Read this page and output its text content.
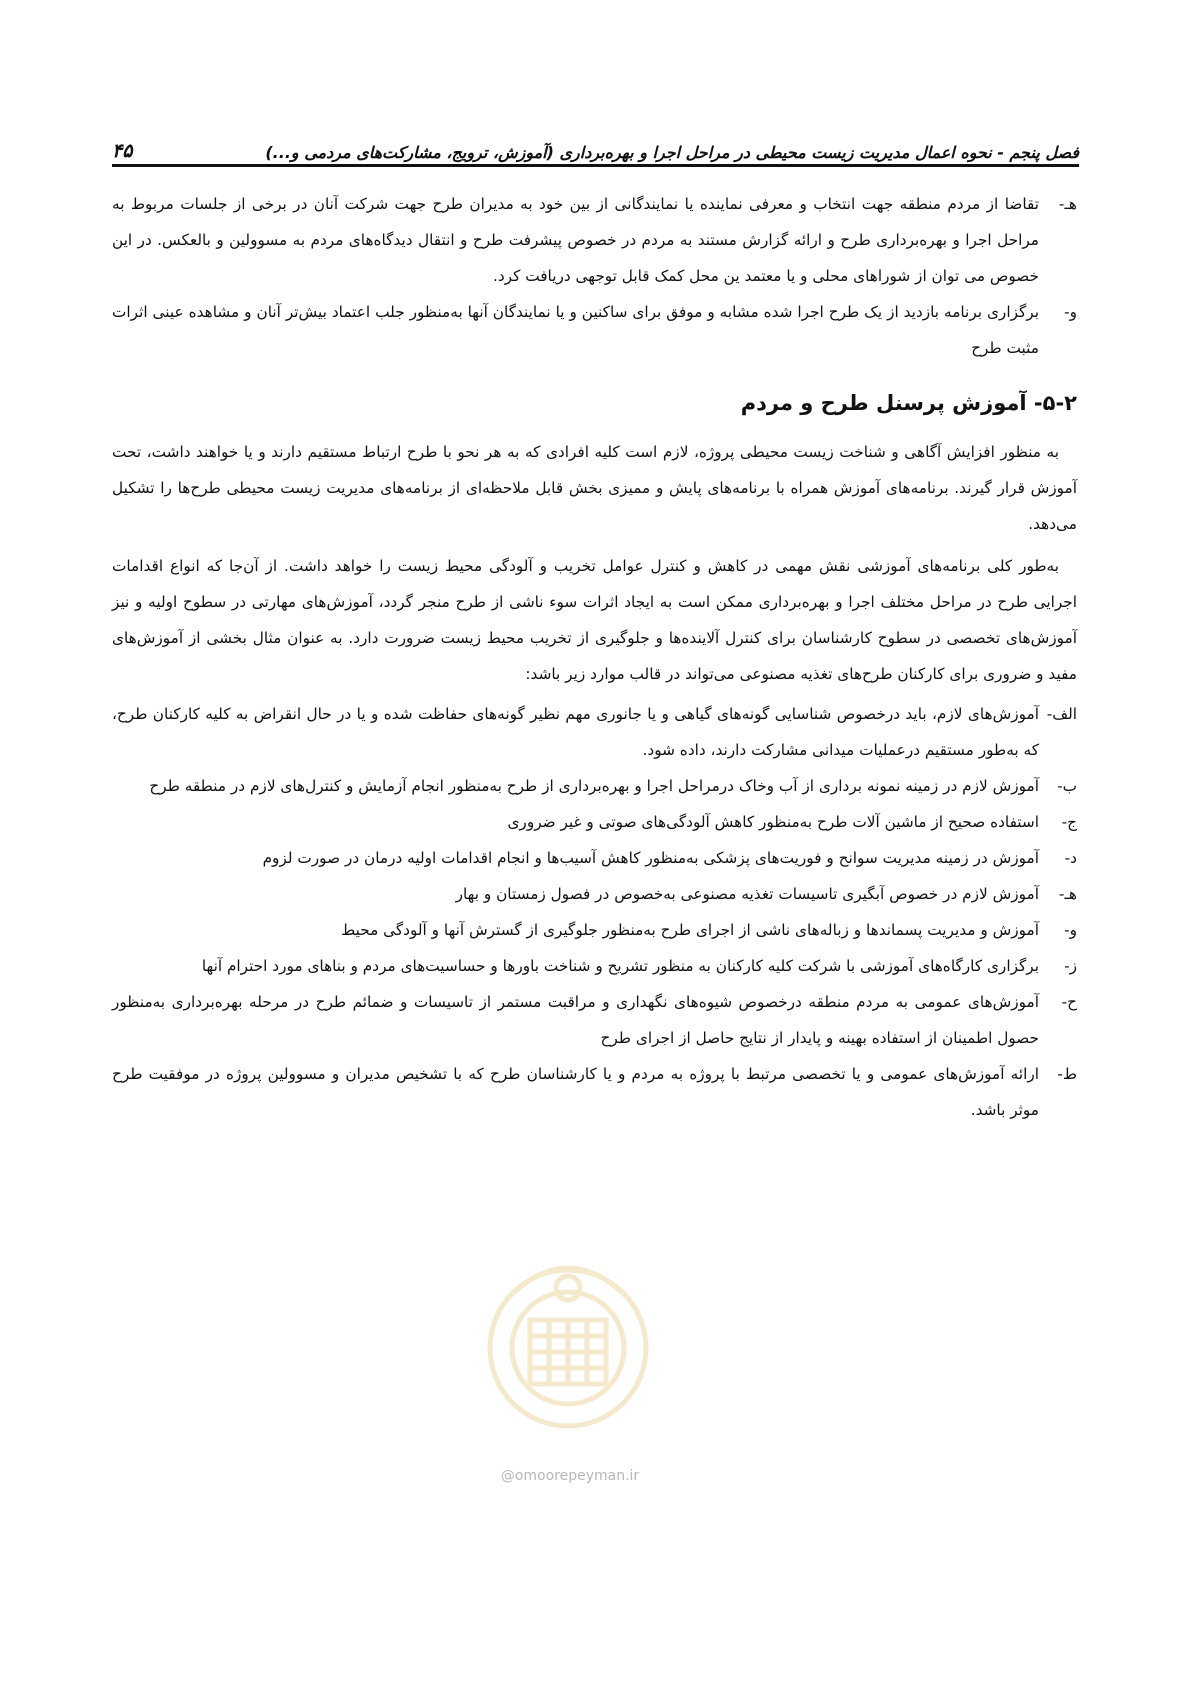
فصل پنجم - نحوه اعمال مدیریت زیست محیطی در مراحل اجرا و بهره‌برداری (آموزش، ترویج، مشارکت‌های مردمی و...)
۴۵
هـ-
تقاضا از مردم منطقه جهت انتخاب و معرفی نماینده یا نمایندگانی از بین خود به مدیران طرح جهت شرکت آنان در برخی از جلسات مربوط به مراحل اجرا و بهره‌برداری طرح و ارائه گزارش مستند به مردم در خصوص پیشرفت طرح و انتقال دیدگاه‌های مردم به مسوولین و بالعکس. در این خصوص می توان از شوراهای محلی و یا معتمد ین محل کمک قابل توجهی دریافت کرد.
و-
برگزاری برنامه بازدید از یک طرح اجرا شده مشابه و موفق برای ساکنین و یا نمایندگان آنها به‌منظور جلب اعتماد بیش‌تر آنان و مشاهده عینی اثرات مثبت طرح
۵-۲- آموزش پرسنل طرح و مردم

به منظور افزایش آگاهی و شناخت زیست محیطی پروژه، لازم است کلیه افرادی که به هر نحو با طرح ارتباط مستقیم دارند و یا خواهند داشت، تحت آموزش قرار گیرند. برنامه‌های آموزش همراه با برنامه‌های پایش و ممیزی بخش قابل ملاحظه‌ای از برنامه‌های مدیریت زیست محیطی طرح‌ها را تشکیل می‌دهد.

به‌طور کلی برنامه‌های آموزشی نقش مهمی در کاهش و کنترل عوامل تخریب و آلودگی محیط زیست را خواهد داشت. از آن‌جا که انواع اقدامات اجرایی طرح در مراحل مختلف اجرا و بهره‌برداری ممکن است به ایجاد اثرات سوء ناشی از طرح منجر گردد، آموزش‌های مهارتی در سطوح اولیه و نیز آموزش‌های تخصصی در سطوح کارشناسان برای کنترل آلاینده‌ها و جلوگیری از تخریب محیط زیست ضرورت دارد. به عنوان مثال بخشی از آموزش‌های مفید و ضروری برای کارکنان طرح‌های تغذیه مصنوعی می‌تواند در قالب موارد زیر باشد:

الف-
آموزش‌های لازم، باید درخصوص شناسایی گونه‌های گیاهی و یا جانوری مهم نظیر گونه‌های حفاظت شده و یا در حال انقراض به کلیه کارکنان طرح، که به‌طور مستقیم درعملیات میدانی مشارکت دارند، داده شود.
ب-
آموزش لازم در زمینه نمونه برداری از آب وخاک درمراحل اجرا و بهره‌برداری از طرح به‌منظور انجام آزمایش و کنترل‌های لازم در منطقه طرح
ج-
استفاده صحیح از ماشین آلات طرح به‌منظور کاهش آلودگی‌های صوتی و غیر ضروری
د-
آموزش در زمینه مدیریت سوانح و فوریت‌های پزشکی به‌منظور کاهش آسیب‌ها و انجام اقدامات اولیه درمان در صورت لزوم
هـ-
آموزش لازم در خصوص آبگیری تاسیسات تغذیه مصنوعی به‌خصوص در فصول زمستان و بهار
و-
آموزش و مدیریت پسماندها و زباله‌های ناشی از اجرای طرح به‌منظور جلوگیری از گسترش آنها و آلودگی محیط
ز-
برگزاری کارگاه‌های آموزشی با شرکت کلیه کارکنان به منظور تشریح و شناخت باورها و حساسیت‌های مردم و بناهای مورد احترام آنها
ح-
آموزش‌های عمومی به مردم منطقه درخصوص شیوه‌های نگهداری و مراقبت مستمر از تاسیسات و ضمائم طرح در مرحله بهره‌برداری به‌منظور حصول اطمینان از استفاده بهینه و پایدار از نتایج حاصل از اجرای طرح
ط-
ارائه آموزش‌های عمومی و یا تخصصی مرتبط با پروژه به مردم و یا کارشناسان طرح که با تشخیص مدیران و مسوولین پروژه در موفقیت طرح موثر باشد.
@omoorepeyman.ir
